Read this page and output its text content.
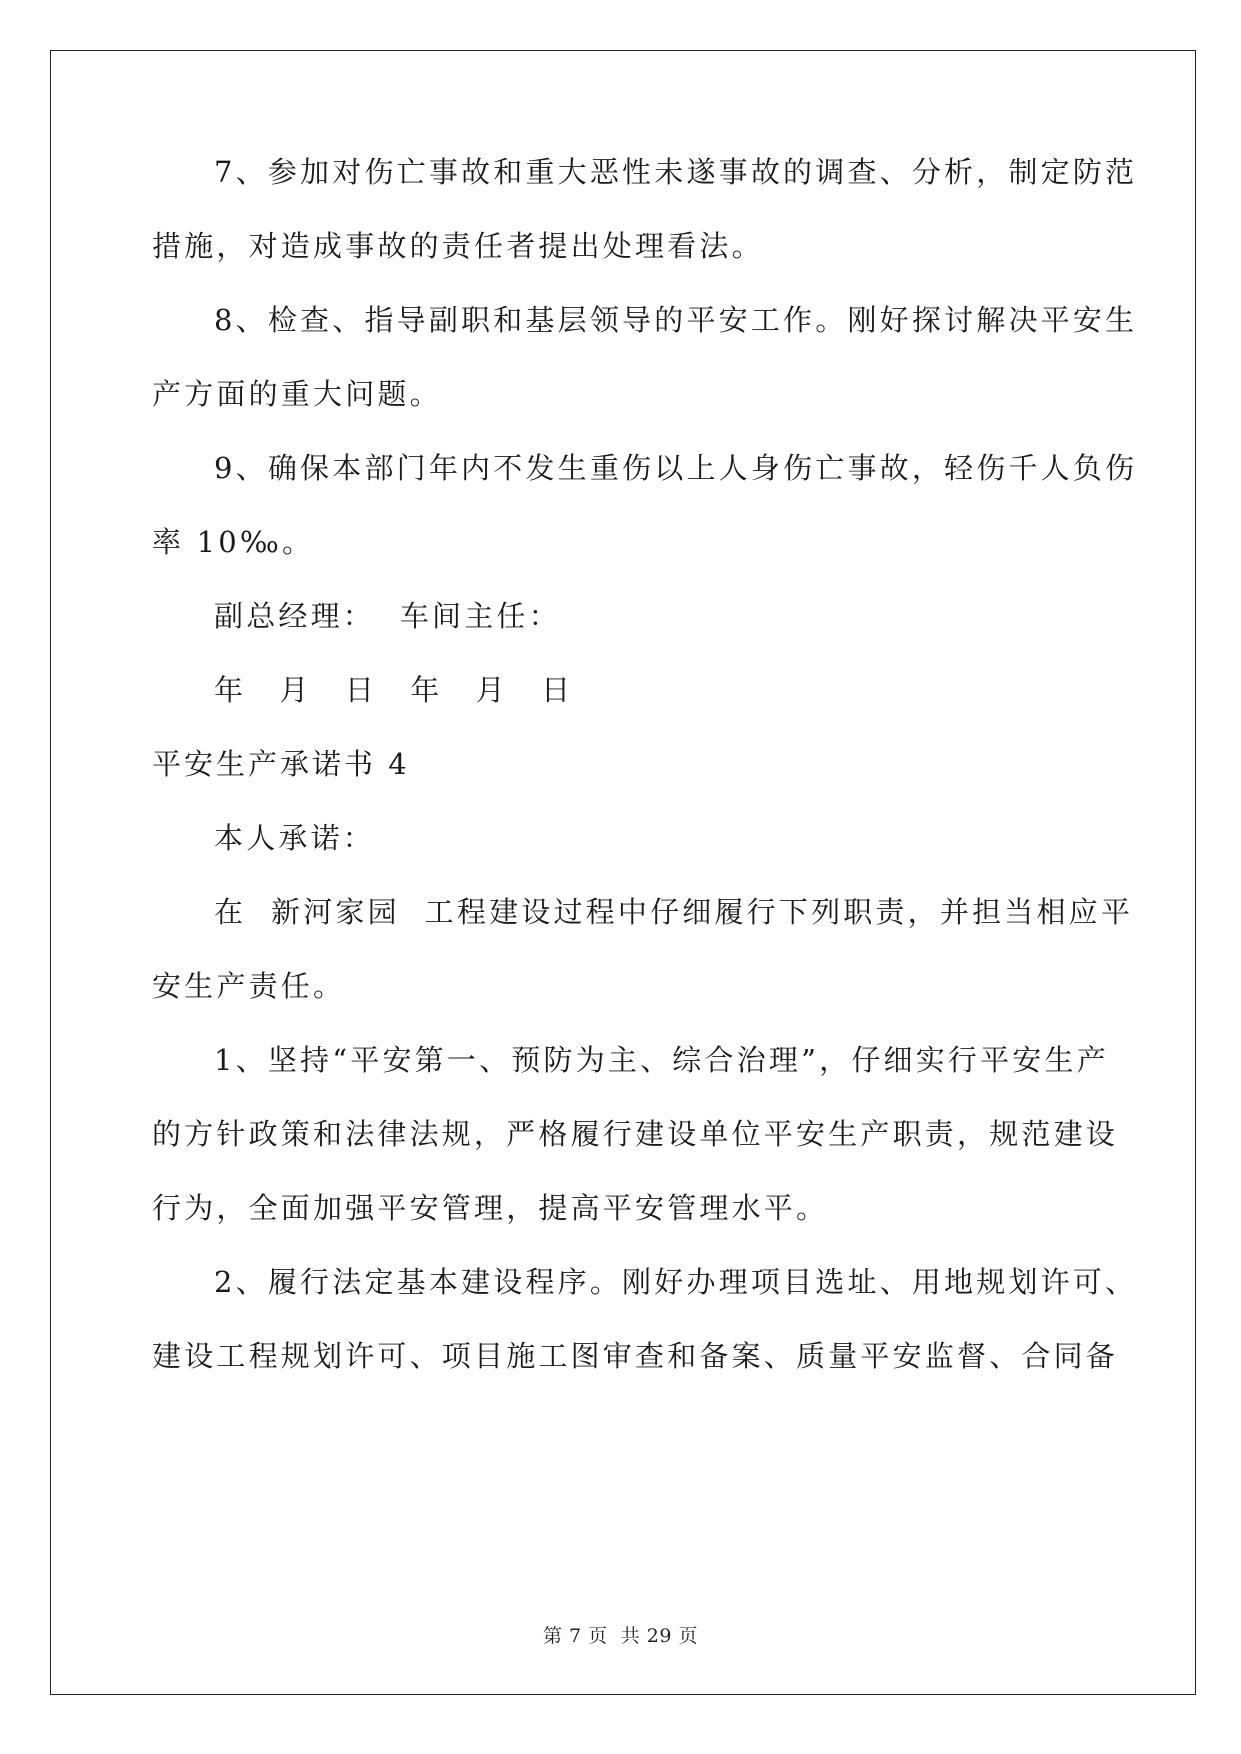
7、参加对伤亡事故和重大恶性未遂事故的调查、分析，制定防范
措施，对造成事故的责任者提出处理看法。
8、检查、指导副职和基层领导的平安工作。刚好探讨解决平安生
产方面的重大问题。
9、确保本部门年内不发生重伤以上人身伤亡事故，轻伤千人负伤
率 10‰。
副总经理：  车间主任：
年  月  日  年  月  日
平安生产承诺书 4
本人承诺：
在  新河家园  工程建设过程中仔细履行下列职责，并担当相应平
安生产责任。
1、坚持“平安第一、预防为主、综合治理”，仔细实行平安生产
的方针政策和法律法规，严格履行建设单位平安生产职责，规范建设
行为，全面加强平安管理，提高平安管理水平。
2、履行法定基本建设程序。刚好办理项目选址、用地规划许可、
建设工程规划许可、项目施工图审查和备案、质量平安监督、合同备
第 7 页  共 29 页
